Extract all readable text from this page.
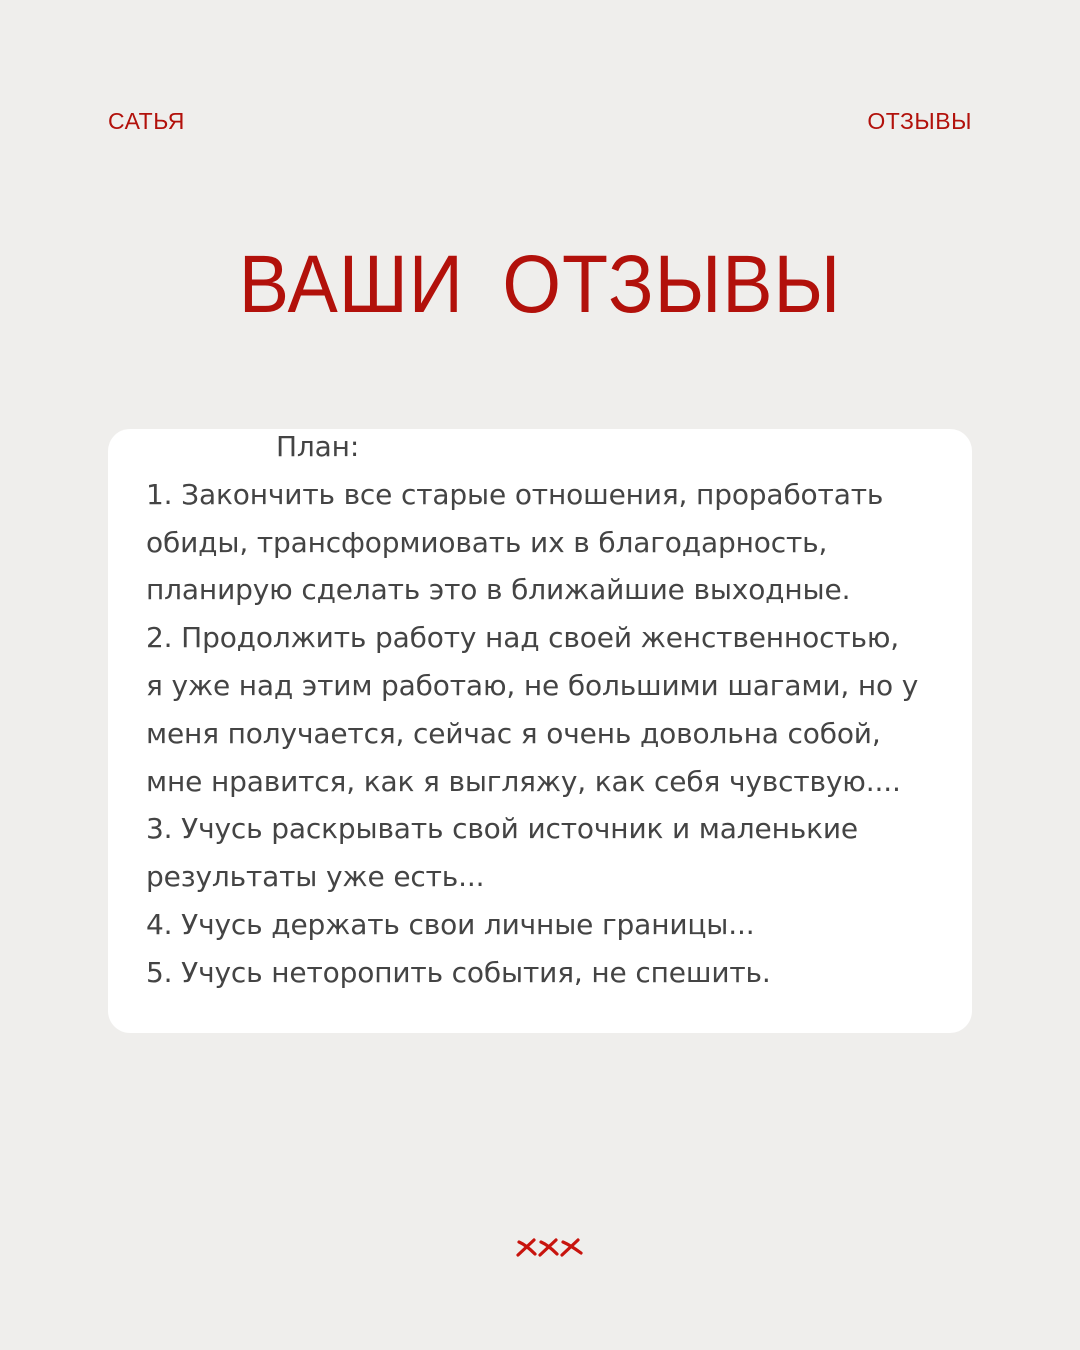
САТЬЯ	ОТЗЫВЫ
ВАШИ ОТЗЫВЫ
План:
1. Закончить все старые отношения, проработать
обиды, трансформиовать их в благодарность,
планирую сделать это в ближайшие выходные.
2. Продолжить работу над своей женственностью,
я уже над этим работаю, не большими шагами, но у
меня получается, сейчас я очень довольна собой,
мне нравится, как я выгляжу, как себя чувствую....
3. Учусь раскрывать свой источник и маленькие
результаты уже есть...
4. Учусь держать свои личные границы...
5. Учусь неторопить события, не спешить.
